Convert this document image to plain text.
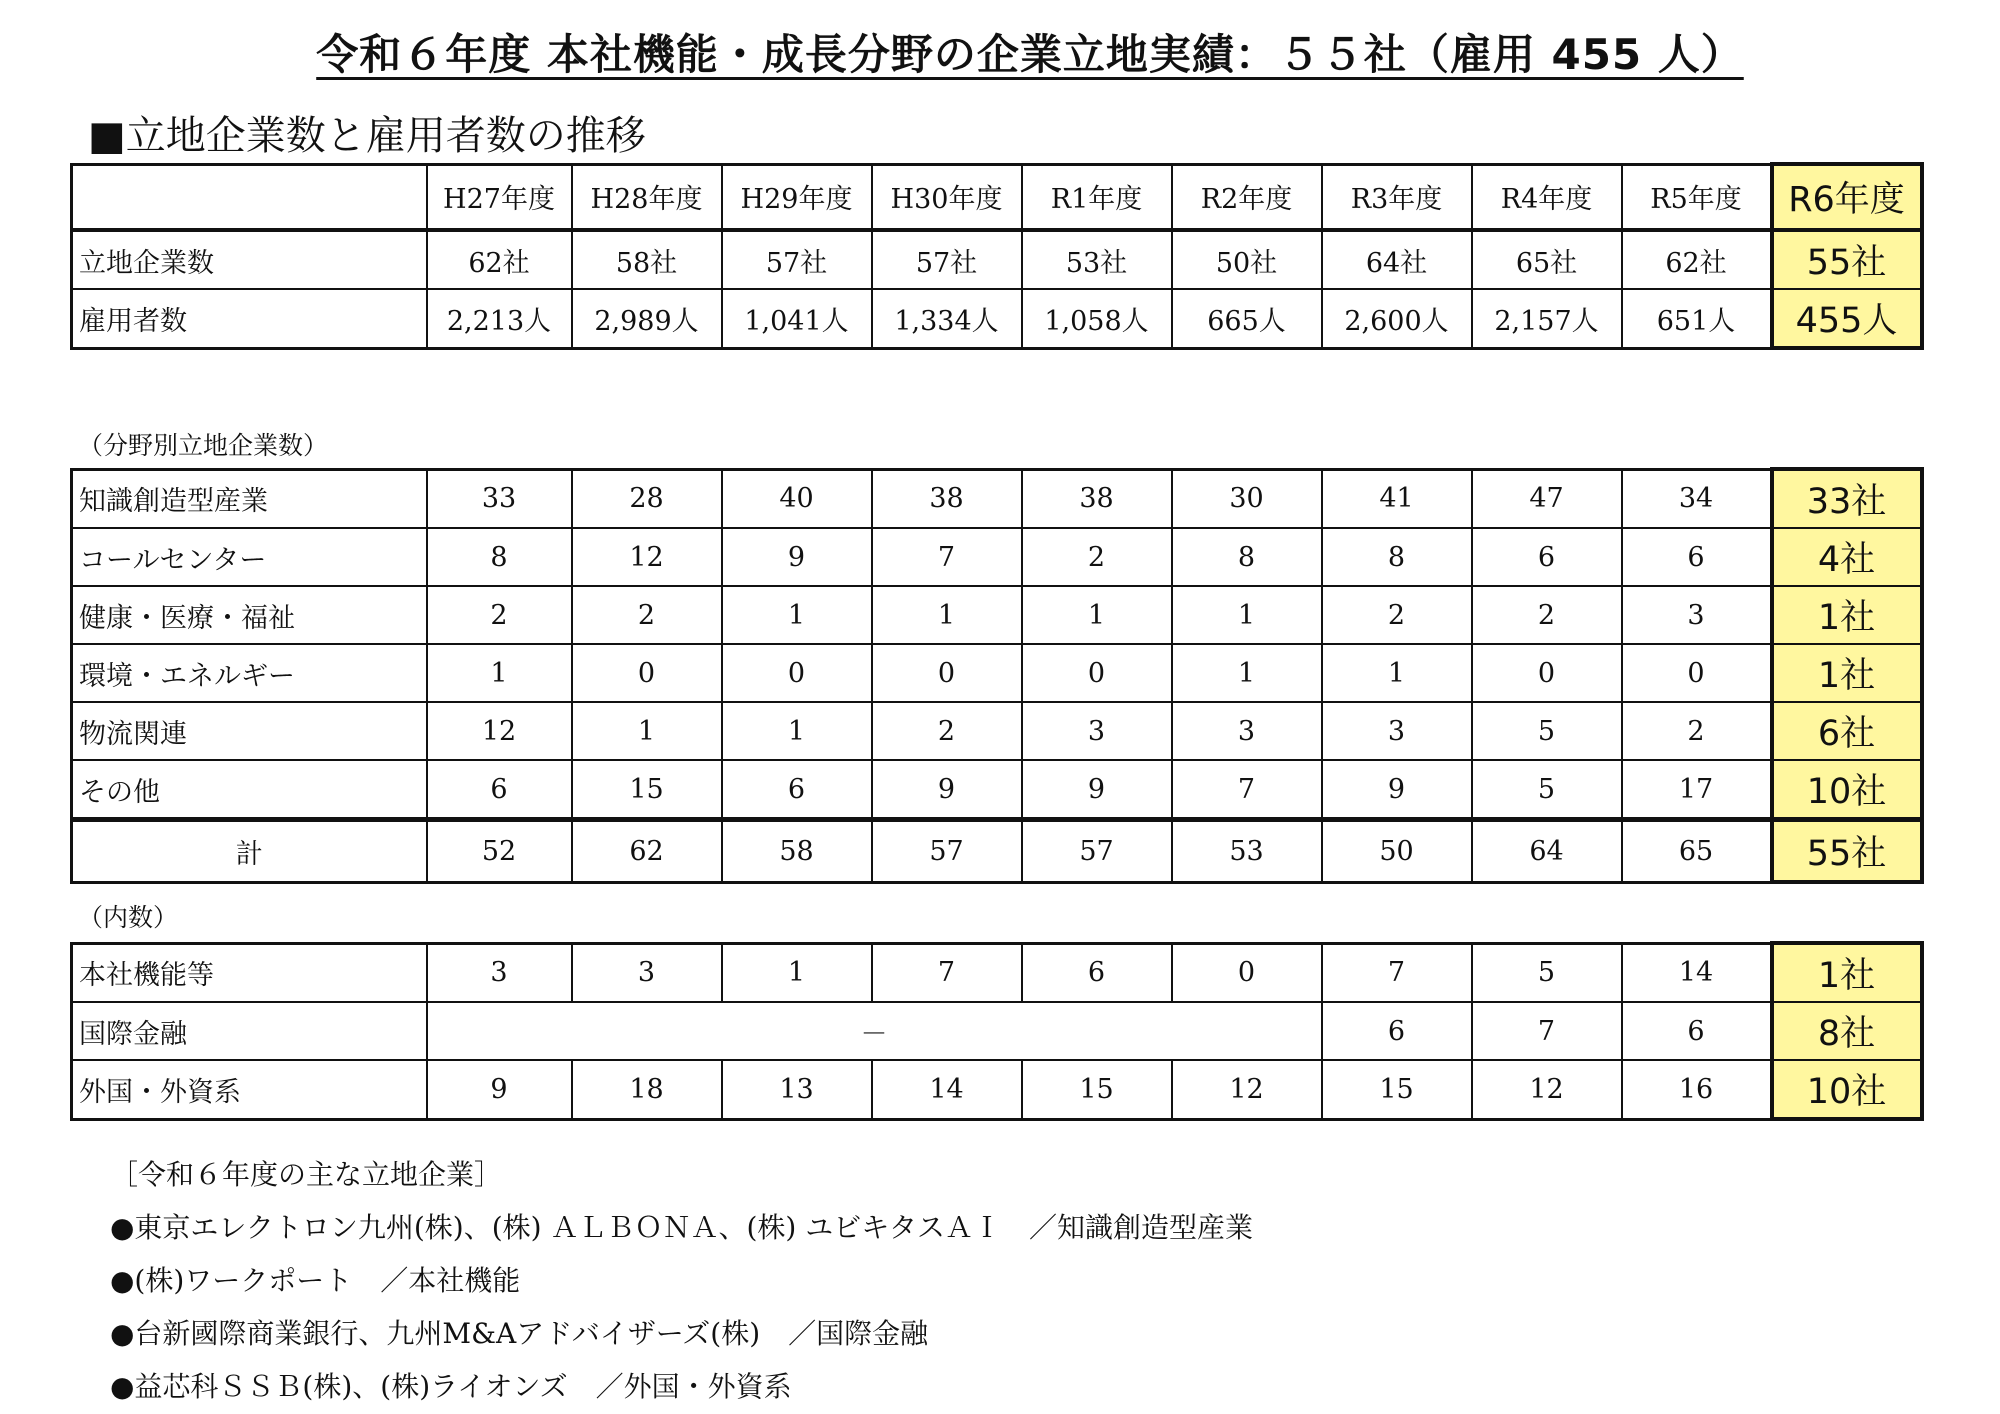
令和６年度 本社機能・成長分野の企業立地実績：５５社（雇用 455 人）
■立地企業数と雇用者数の推移
	H27年度	H28年度	H29年度	H30年度	R1年度	R2年度	R3年度	R4年度	R5年度	R6年度
立地企業数	62社	58社	57社	57社	53社	50社	64社	65社	62社	55社
雇用者数	2,213人	2,989人	1,041人	1,334人	1,058人	665人	2,600人	2,157人	651人	455人
（分野別立地企業数）
知識創造型産業	33	28	40	38	38	30	41	47	34	33社
コールセンター	8	12	9	7	2	8	8	6	6	4社
健康・医療・福祉	2	2	1	1	1	1	2	2	3	1社
環境・エネルギー	1	0	0	0	0	1	1	0	0	1社
物流関連	12	1	1	2	3	3	3	5	2	6社
その他	6	15	6	9	9	7	9	5	17	10社
計	52	62	58	57	57	53	50	64	65	55社
（内数）
本社機能等	3	3	1	7	6	0	7	5	14	1社
国際金融	－						6	7	6	8社
外国・外資系	9	18	13	14	15	12	15	12	16	10社
［令和６年度の主な立地企業］
●東京エレクトロン九州(株)、(株) ＡＬＢＯＮＡ、(株) ユビキタスＡＩ　／知識創造型産業
●(株)ワークポート　／本社機能
●台新國際商業銀行、九州M&Aアドバイザーズ(株)　／国際金融
●益芯科ＳＳＢ(株)、(株)ライオンズ　／外国・外資系
